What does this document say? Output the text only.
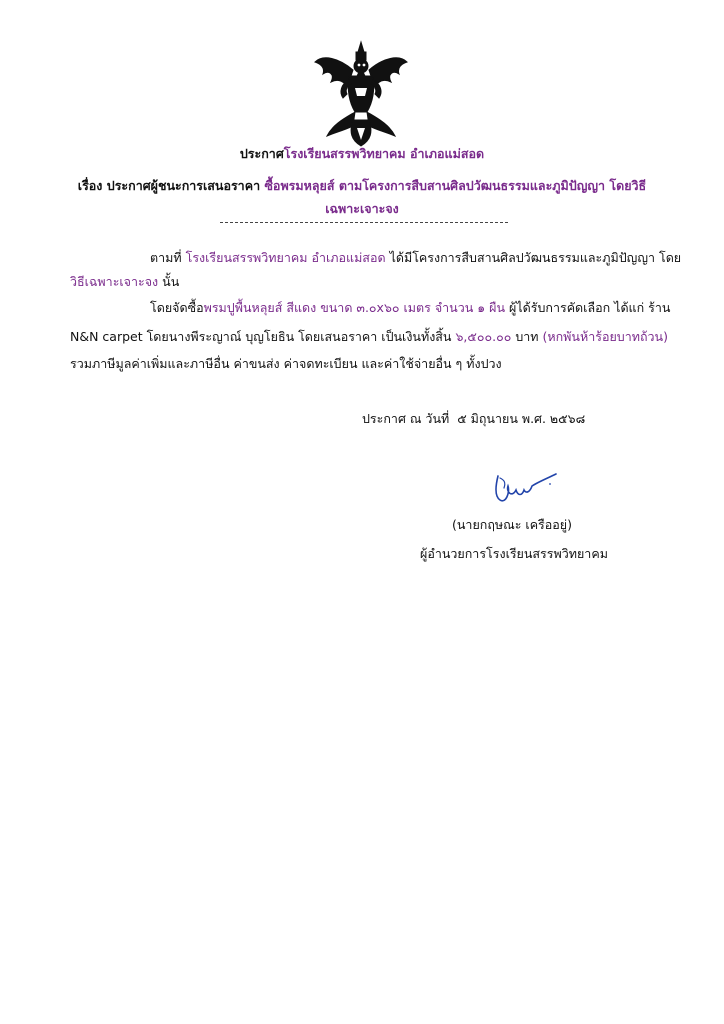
ประกาศโรงเรียนสรรพวิทยาคม อำเภอแม่สอด
เรื่อง ประกาศผู้ชนะการเสนอราคา ซื้อพรมหลุยส์ ตามโครงการสืบสานศิลปวัฒนธรรมและภูมิปัญญา โดยวิธี
เฉพาะเจาะจง
ตามที่ โรงเรียนสรรพวิทยาคม อำเภอแม่สอด ได้มีโครงการสืบสานศิลปวัฒนธรรมและภูมิปัญญา โดย
วิธีเฉพาะเจาะจง นั้น
โดยจัดซื้อพรมปูพื้นหลุยส์ สีแดง ขนาด ๓.๐x๖๐ เมตร จำนวน ๑ ผืน ผู้ได้รับการคัดเลือก ได้แก่ ร้าน
N&N carpet โดยนางพีระญาณ์ บุญโยธิน โดยเสนอราคา เป็นเงินทั้งสิ้น ๖,๕๐๐.๐๐ บาท (หกพันห้าร้อยบาทถ้วน)
รวมภาษีมูลค่าเพิ่มและภาษีอื่น ค่าขนส่ง ค่าจดทะเบียน และค่าใช้จ่ายอื่น ๆ ทั้งปวง
ประกาศ ณ วันที่ ๕ มิถุนายน พ.ศ. ๒๕๖๘
(นายกฤษณะ เครืออยู่)
ผู้อำนวยการโรงเรียนสรรพวิทยาคม
